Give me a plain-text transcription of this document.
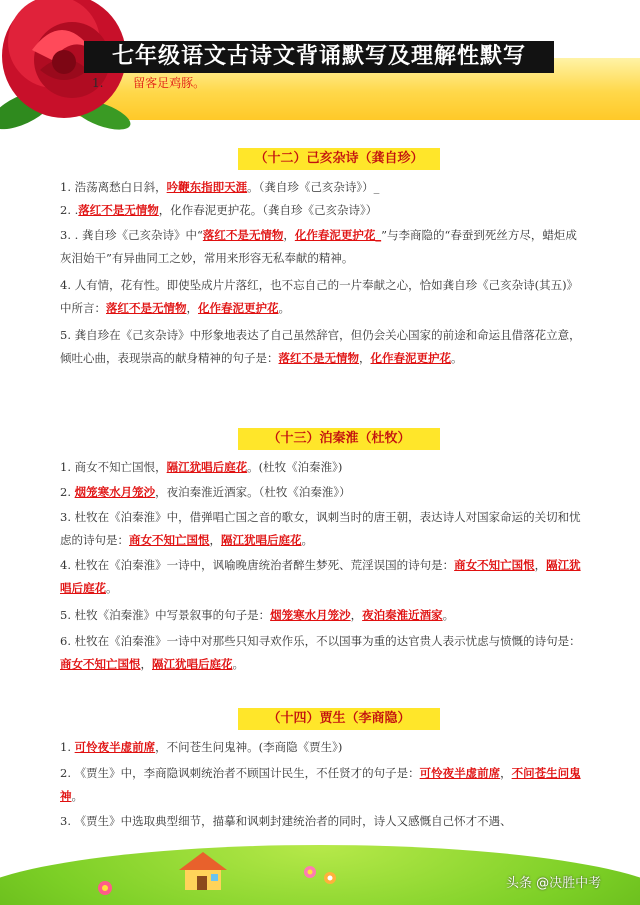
七年级语文古诗文背诵默写及理解性默写
1. 留客足鸡豚。
（十二）己亥杂诗（龚自珍）
1. 浩荡离愁白日斜，吟鞭东指即天涯。（龚自珍《己亥杂诗》）_
2. .落红不是无情物，化作春泥更护花。（龚自珍《己亥杂诗》）
3. . 龚自珍《己亥杂诗》中“落红不是无情物，化作春泥更护花_”与李商隐的“春蚕到死丝方尽，蜡炬成灰泪始干”有异曲同工之妙，常用来形容无私奉献的精神。
4. 人有情，花有性。即使坠成片片落红，也不忘自己的一片奉献之心，恰如龚自珍《己亥杂诗(其五)》中所言：落红不是无情物，化作春泥更护花。
5. 龚自珍在《己亥杂诗》中形象地表达了自己虽然辞官，但仍会关心国家的前途和命运且借落花立意，倾吐心曲，表现崇高的献身精神的句子是：落红不是无情物，化作春泥更护花。
（十三）泊秦淮（杜牧）
1. 商女不知亡国恨，隔江犹唱后庭花。(杜牧《泊秦淮》)
2. 烟笼寒水月笼沙，夜泊秦淮近酒家。（杜牧《泊秦淮》）
3. 杜牧在《泊秦淮》中，借弹唱亡国之音的歌女，讽刺当时的唐王朝，表达诗人对国家命运的关切和忧虑的诗句是：商女不知亡国恨，隔江犹唱后庭花。
4. 杜牧在《泊秦淮》一诗中，讽喻晚唐统治者醉生梦死、荒淫误国的诗句是：商女不知亡国恨，隔江犹唱后庭花。
5. 杜牧《泊秦淮》中写景叙事的句子是：烟笼寒水月笼沙，夜泊秦淮近酒家。
6. 杜牧在《泊秦淮》一诗中对那些只知寻欢作乐，不以国事为重的达官贵人表示忧虑与愤慨的诗句是：商女不知亡国恨，隔江犹唱后庭花。
（十四）贾生（李商隐）
1. 可怜夜半虚前席，不问苍生问鬼神。(李商隐《贾生》)
2. 《贾生》中，李商隐讽刺统治者不顾国计民生，不任贤才的句子是：可怜夜半虚前席，不问苍生问鬼神。
3. 《贾生》中选取典型细节，描摹和讽刺封建统治者的同时，诗人又感慨自己怀才不遇、
头条 @决胜中考
